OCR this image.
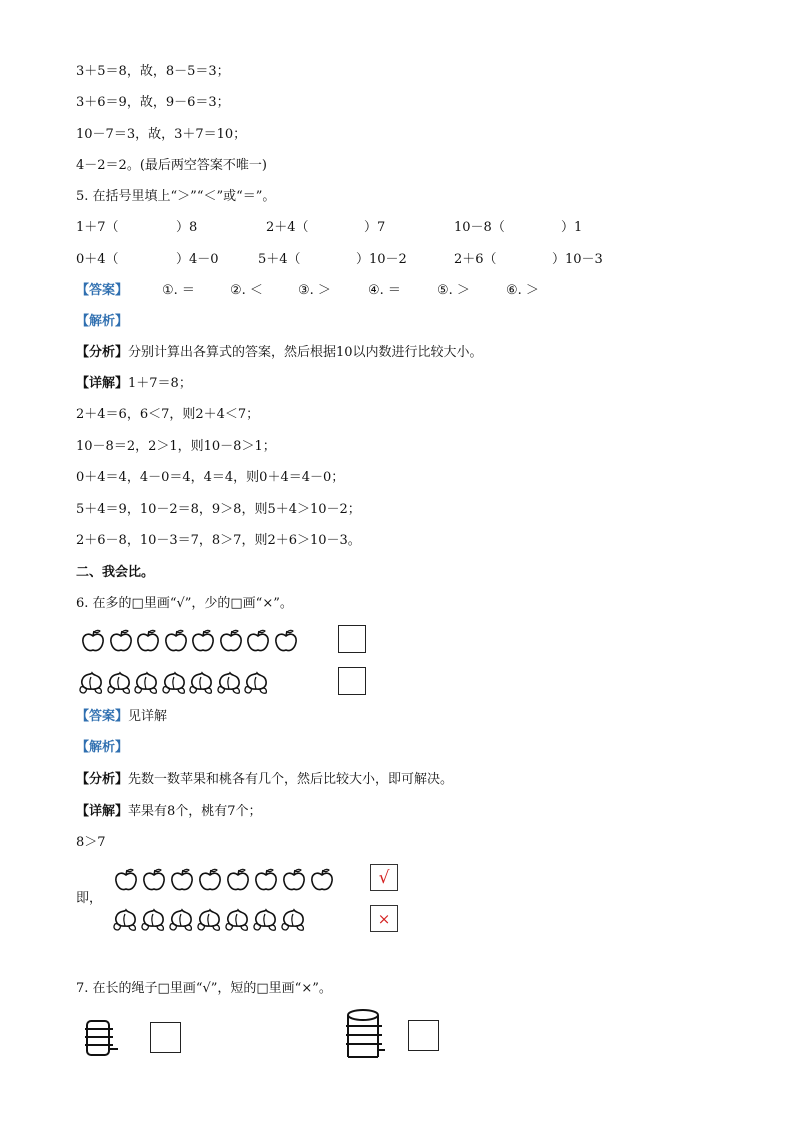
3＋5＝8，故，8－5＝3；
3＋6＝9，故，9－6＝3；
10－7＝3，故，3＋7＝10；
4－2＝2。(最后两空答案不唯一)
5. 在括号里填上“＞”“＜”或“＝”。
1＋7（	）8	2＋4（	）7	10－8（	）1
0＋4（	）4－0	5＋4（	）10－2	2＋6（	）10－3
【答案】	①. ＝	②. ＜	③. ＞	④. ＝	⑤. ＞	⑥. ＞
【解析】
【分析】分别计算出各算式的答案，然后根据10以内数进行比较大小。
【详解】1＋7＝8；
2＋4＝6，6＜7，则2＋4＜7；
10－8＝2，2＞1，则10－8＞1；
0＋4＝4，4－0＝4，4＝4，则0＋4＝4－0；
5＋4＝9，10－2＝8，9＞8，则5＋4＞10－2；
2＋6－8，10－3＝7，8＞7，则2＋6＞10－3。
二、我会比。
6. 在多的□里画“√”，少的□画“×”。
【答案】见详解
【解析】
【分析】先数一数苹果和桃各有几个，然后比较大小，即可解决。
【详解】苹果有8个，桃有7个；
8＞7
即，
√
×
7. 在长的绳子□里画“√”，短的□里画“×”。
